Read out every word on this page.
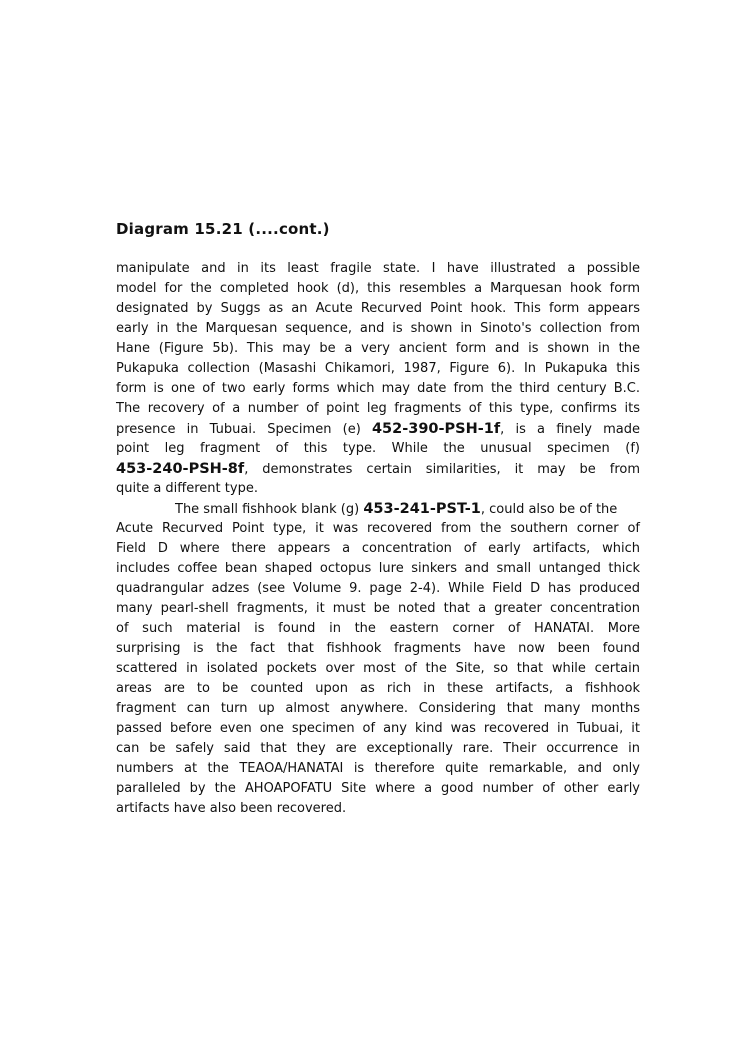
Diagram 15.21 (....cont.)
manipulate and in its least fragile state. I have illustrated a possible
model for the completed hook (d), this resembles a Marquesan hook form
designated by Suggs as an Acute Recurved Point hook. This form appears
early in the Marquesan sequence, and is shown in Sinoto's collection from
Hane (Figure 5b). This may be a very ancient form and is shown in the
Pukapuka collection (Masashi Chikamori, 1987, Figure 6). In Pukapuka this
form is one of two early forms which may date from the third century B.C.
The recovery of a number of point leg fragments of this type, confirms its
presence in Tubuai. Specimen (e) 452-390-PSH-1f, is a finely made
point leg fragment of this type. While the unusual specimen (f)
453-240-PSH-8f, demonstrates certain similarities, it may be from
quite a different type.
The small fishhook blank (g) 453-241-PST-1, could also be of the
Acute Recurved Point type, it was recovered from the southern corner of
Field D where there appears a concentration of early artifacts, which
includes coffee bean shaped octopus lure sinkers and small untanged thick
quadrangular adzes (see Volume 9. page 2-4). While Field D has produced
many pearl-shell fragments, it must be noted that a greater concentration
of such material is found in the eastern corner of HANATAI. More
surprising is the fact that fishhook fragments have now been found
scattered in isolated pockets over most of the Site, so that while certain
areas are to be counted upon as rich in these artifacts, a fishhook
fragment can turn up almost anywhere. Considering that many months
passed before even one specimen of any kind was recovered in Tubuai, it
can be safely said that they are exceptionally rare. Their occurrence in
numbers at the TEAOA/HANATAI is therefore quite remarkable, and only
paralleled by the AHOAPOFATU Site where a good number of other early
artifacts have also been recovered.
